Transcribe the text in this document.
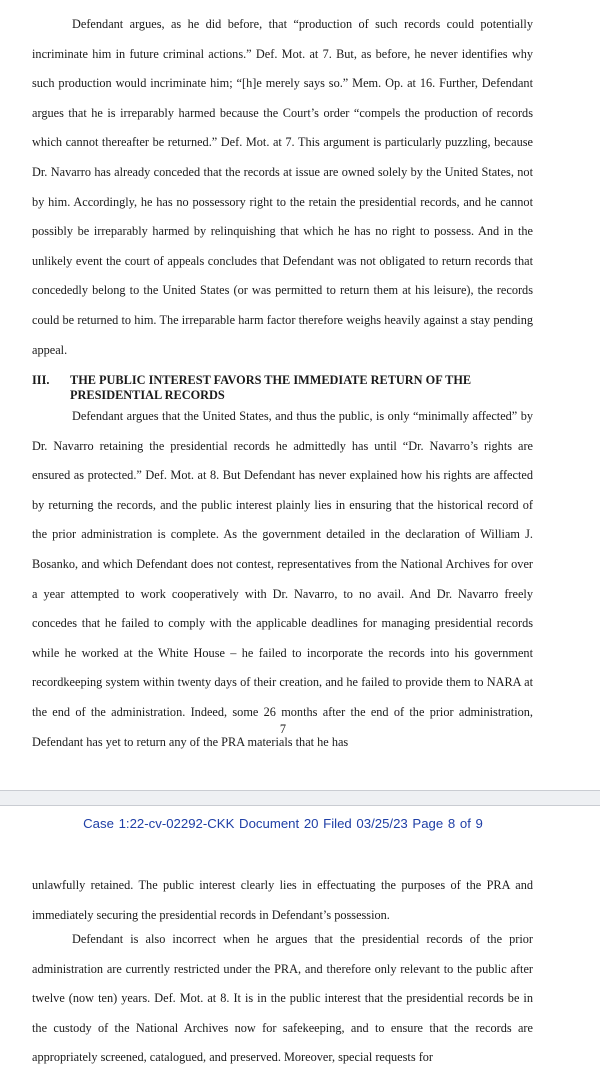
Defendant argues, as he did before, that “production of such records could potentially incriminate him in future criminal actions.” Def. Mot. at 7. But, as before, he never identifies why such production would incriminate him; “[h]e merely says so.” Mem. Op. at 16. Further, Defendant argues that he is irreparably harmed because the Court’s order “compels the production of records which cannot thereafter be returned.” Def. Mot. at 7. This argument is particularly puzzling, because Dr. Navarro has already conceded that the records at issue are owned solely by the United States, not by him. Accordingly, he has no possessory right to the retain the presidential records, and he cannot possibly be irreparably harmed by relinquishing that which he has no right to possess. And in the unlikely event the court of appeals concludes that Defendant was not obligated to return records that concededly belong to the United States (or was permitted to return them at his leisure), the records could be returned to him. The irreparable harm factor therefore weighs heavily against a stay pending appeal.

III. THE PUBLIC INTEREST FAVORS THE IMMEDIATE RETURN OF THE PRESIDENTIAL RECORDS

Defendant argues that the United States, and thus the public, is only “minimally affected” by Dr. Navarro retaining the presidential records he admittedly has until “Dr. Navarro’s rights are ensured as protected.” Def. Mot. at 8. But Defendant has never explained how his rights are affected by returning the records, and the public interest plainly lies in ensuring that the historical record of the prior administration is complete. As the government detailed in the declaration of William J. Bosanko, and which Defendant does not contest, representatives from the National Archives for over a year attempted to work cooperatively with Dr. Navarro, to no avail. And Dr. Navarro freely concedes that he failed to comply with the applicable deadlines for managing presidential records while he worked at the White House – he failed to incorporate the records into his government recordkeeping system within twenty days of their creation, and he failed to provide them to NARA at the end of the administration. Indeed, some 26 months after the end of the prior administration, Defendant has yet to return any of the PRA materials that he has

7
Case 1:22-cv-02292-CKK Document 20 Filed 03/25/23 Page 8 of 9

unlawfully retained. The public interest clearly lies in effectuating the purposes of the PRA and immediately securing the presidential records in Defendant’s possession.

Defendant is also incorrect when he argues that the presidential records of the prior administration are currently restricted under the PRA, and therefore only relevant to the public after twelve (now ten) years. Def. Mot. at 8. It is in the public interest that the presidential records be in the custody of the National Archives now for safekeeping, and to ensure that the records are appropriately screened, catalogued, and preserved. Moreover, special requests for
